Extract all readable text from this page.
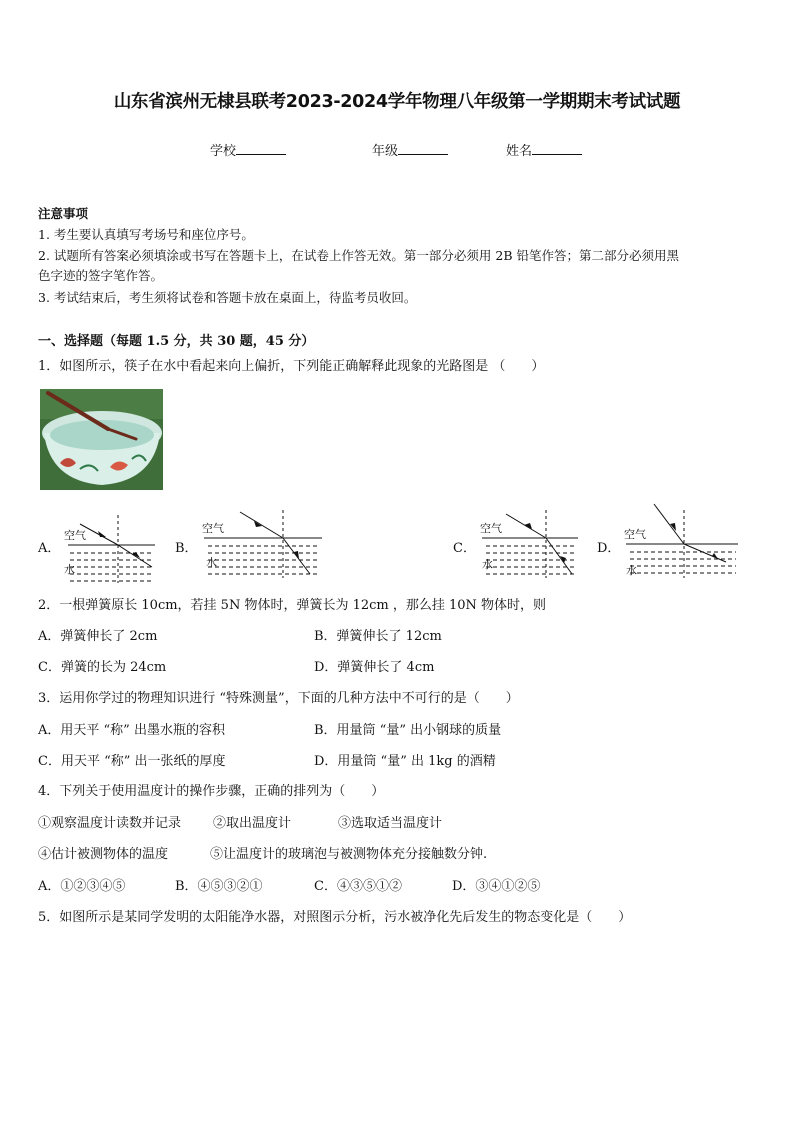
山东省滨州无棣县联考2023-2024学年物理八年级第一学期期末考试试题
学校	年级	姓名
注意事项
1. 考生要认真填写考场号和座位序号。
2. 试题所有答案必须填涂或书写在答题卡上，在试卷上作答无效。第一部分必须用 2B 铅笔作答；第二部分必须用黑
色字迹的签字笔作答。
3. 考试结束后，考生须将试卷和答题卡放在桌面上，待监考员收回。
一、选择题（每题 1.5 分，共 30 题，45 分）
1．如图所示，筷子在水中看起来向上偏折，下列能正确解释此现象的光路图是 （　　）
A．
空气
水
B．
空气
水
C．
空气
水
D．
空气
水
2．一根弹簧原长 10cm，若挂 5N 物体时，弹簧长为 12cm ，那么挂 10N 物体时，则
A．弹簧伸长了 2cm	B．弹簧伸长了 12cm
C．弹簧的长为 24cm	D．弹簧伸长了 4cm
3．运用你学过的物理知识进行 “特殊测量”，下面的几种方法中不可行的是（　　）
A．用天平 “称” 出墨水瓶的容积	B．用量筒 “量” 出小钢球的质量
C．用天平 “称” 出一张纸的厚度	D．用量筒 “量” 出 1kg 的酒精
4．下列关于使用温度计的操作步骤，正确的排列为（　　）
①观察温度计读数并记录 ②取出温度计	③选取适当温度计
④估计被测物体的温度	⑤让温度计的玻璃泡与被测物体充分接触数分钟.
A．①②③④⑤	B．④⑤③②①	C．④③⑤①②	D．③④①②⑤
5．如图所示是某同学发明的太阳能净水器，对照图示分析，污水被净化先后发生的物态变化是（　　）
